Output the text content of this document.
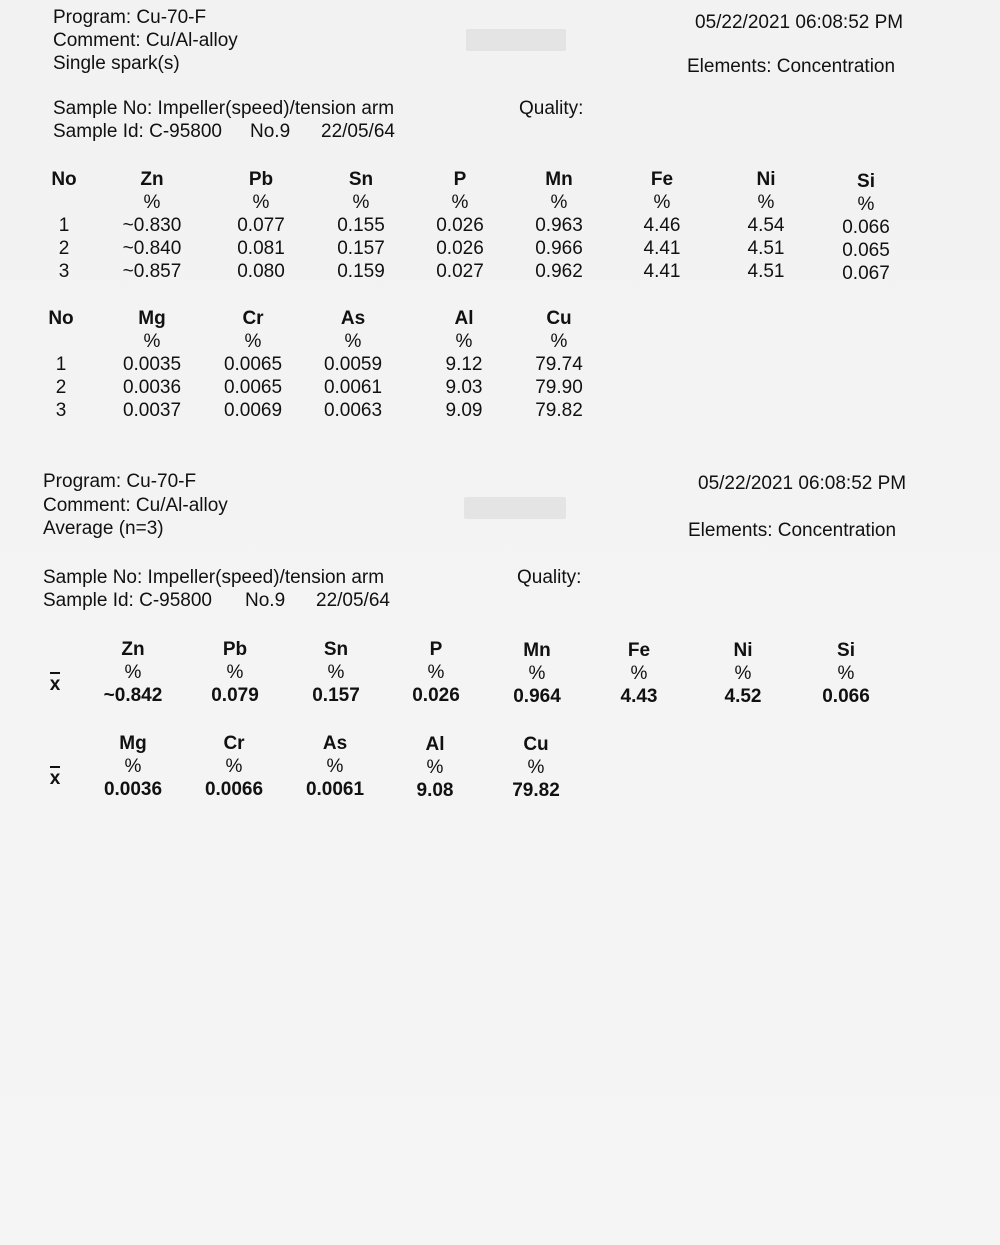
Program: Cu-70-F
Comment: Cu/Al-alloy
Single spark(s)
05/22/2021 06:08:52 PM
Elements: Concentration
Sample No: Impeller(speed)/tension arm
Sample Id: C-95800 No.9 22/05/64
Quality:
No

1
2
3
Zn
%
~0.830
~0.840
~0.857
Pb
%
0.077
0.081
0.080
Sn
%
0.155
0.157
0.159
P
%
0.026
0.026
0.027
Mn
%
0.963
0.966
0.962
Fe
%
4.46
4.41
4.41
Ni
%
4.54
4.51
4.51
Si
%
0.066
0.065
0.067
No

1
2
3
Mg
%
0.0035
0.0036
0.0037
Cr
%
0.0065
0.0065
0.0069
As
%
0.0059
0.0061
0.0063
Al
%
9.12
9.03
9.09
Cu
%
79.74
79.90
79.82
Program: Cu-70-F
Comment: Cu/Al-alloy
Average (n=3)
05/22/2021 06:08:52 PM
Elements: Concentration
Sample No: Impeller(speed)/tension arm
Sample Id: C-95800 No.9 22/05/64
Quality:
x
Zn
%
~0.842
Pb
%
0.079
Sn
%
0.157
P
%
0.026
Mn
%
0.964
Fe
%
4.43
Ni
%
4.52
Si
%
0.066
x
Mg
%
0.0036
Cr
%
0.0066
As
%
0.0061
Al
%
9.08
Cu
%
79.82
